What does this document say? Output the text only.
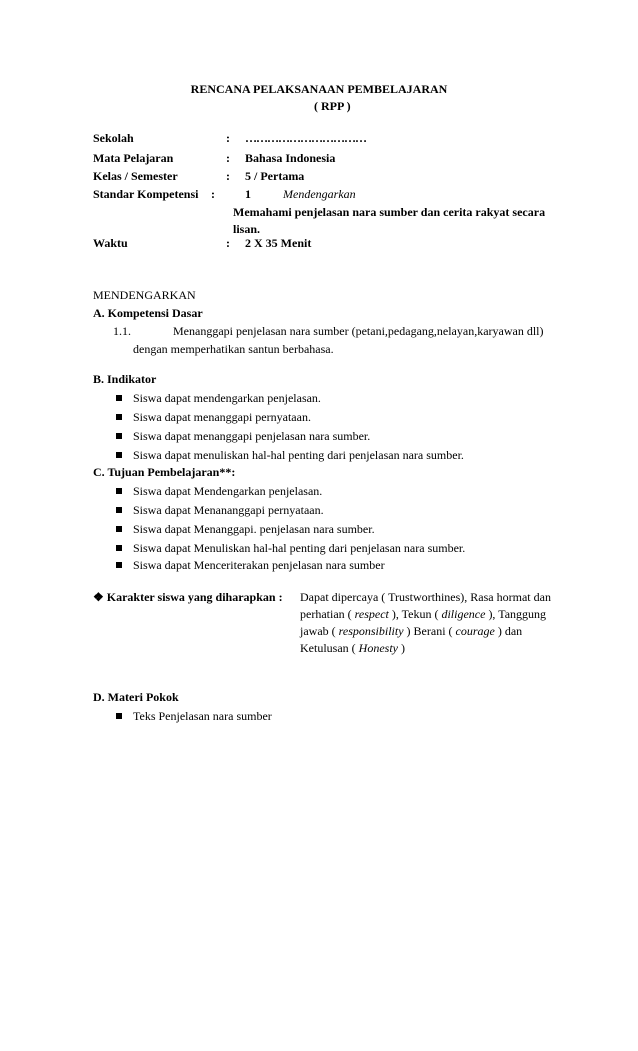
RENCANA PELAKSANAAN PEMBELAJARAN
( RPP )
Sekolah	: ……………………………
Mata Pelajaran	: Bahasa Indonesia
Kelas / Semester	: 5 / Pertama
Standar Kompetensi :	1	Mendengarkan
Memahami penjelasan nara sumber dan cerita rakyat secara
lisan.
Waktu	: 2 X 35 Menit
MENDENGARKAN
A. Kompetensi Dasar
1.1.	Menanggapi penjelasan nara sumber (petani,pedagang,nelayan,karyawan dll)
dengan memperhatikan santun berbahasa.
B. Indikator
Siswa dapat mendengarkan penjelasan.
Siswa dapat menanggapi pernyataan.
Siswa dapat menanggapi penjelasan nara sumber.
Siswa dapat menuliskan hal-hal penting dari penjelasan nara sumber.
C. Tujuan Pembelajaran**:
Siswa dapat Mendengarkan penjelasan.
Siswa dapat Menananggapi pernyataan.
Siswa dapat Menanggapi. penjelasan nara sumber.
Siswa dapat Menuliskan hal-hal penting dari penjelasan nara sumber.
Siswa dapat Menceriterakan penjelasan nara sumber
❖ Karakter siswa yang diharapkan : Dapat dipercaya ( Trustworthines), Rasa hormat dan
perhatian ( respect ), Tekun ( diligence ), Tanggung
jawab ( responsibility ) Berani ( courage ) dan
Ketulusan ( Honesty )
D. Materi Pokok
Teks Penjelasan nara sumber
